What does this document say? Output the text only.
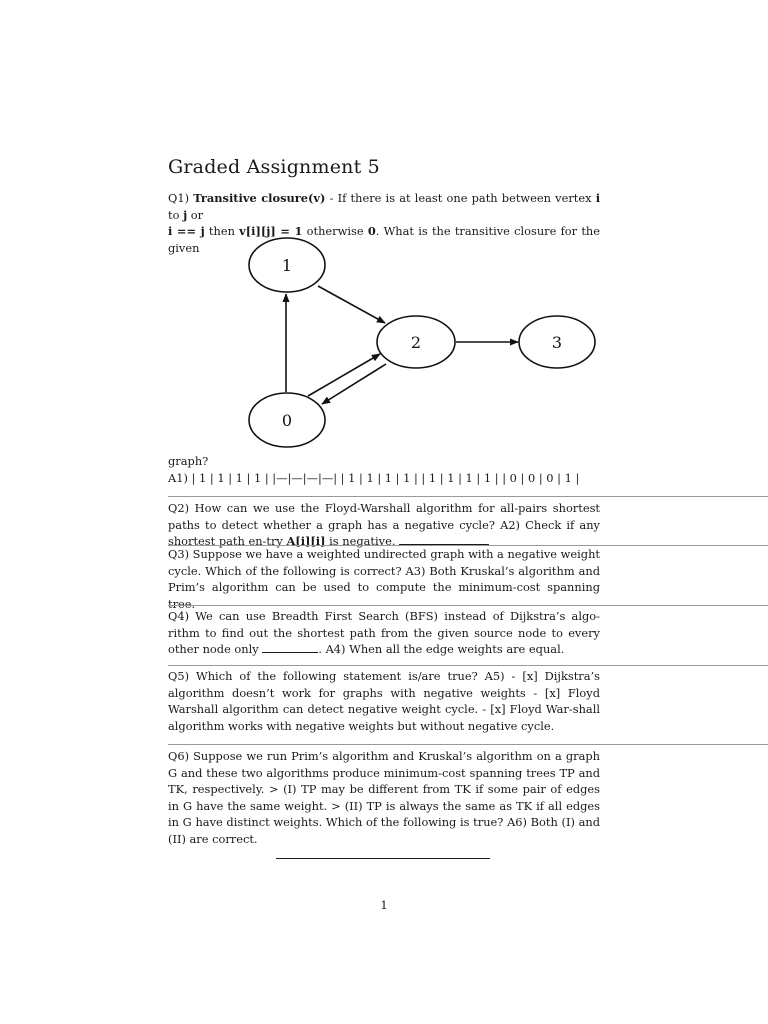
Graded Assignment 5

Q1) Transitive closure(v) - If there is at least one path between vertex i to j or
i == j then v[i][j] = 1 otherwise 0. What is the transitive closure for the given

1
2	3
0

graph?
A1) | 1 | 1 | 1 | 1 | |—|—|—|—| | 1 | 1 | 1 | 1 | | 1 | 1 | 1 | 1 | | 0 | 0 | 0 | 1 |

Q2) How can we use the Floyd-Warshall algorithm for all-pairs shortest paths to detect whether a graph has a negative cycle? A2) Check if any shortest path en-try A[i][i] is negative.

Q3) Suppose we have a weighted undirected graph with a negative weight cycle. Which of the following is correct? A3) Both Kruskal’s algorithm and Prim’s algorithm can be used to compute the minimum-cost spanning tree.

Q4) We can use Breadth First Search (BFS) instead of Dijkstra’s algo-rithm to find out the shortest path from the given source node to every other node only	. A4) When all the edge weights are equal.

Q5) Which of the following statement is/are true? A5) - [x] Dijkstra’s algorithm doesn’t work for graphs with negative weights - [x] Floyd Warshall algorithm can detect negative weight cycle. - [x] Floyd War-shall algorithm works with negative weights but without negative cycle.

Q6) Suppose we run Prim’s algorithm and Kruskal’s algorithm on a graph G and these two algorithms produce minimum-cost spanning trees TP and TK, respectively. > (I) TP may be different from TK if some pair of edges in G have the same weight. > (II) TP is always the same as TK if all edges in G have distinct weights. Which of the following is true? A6) Both (I) and (II) are correct.

1
